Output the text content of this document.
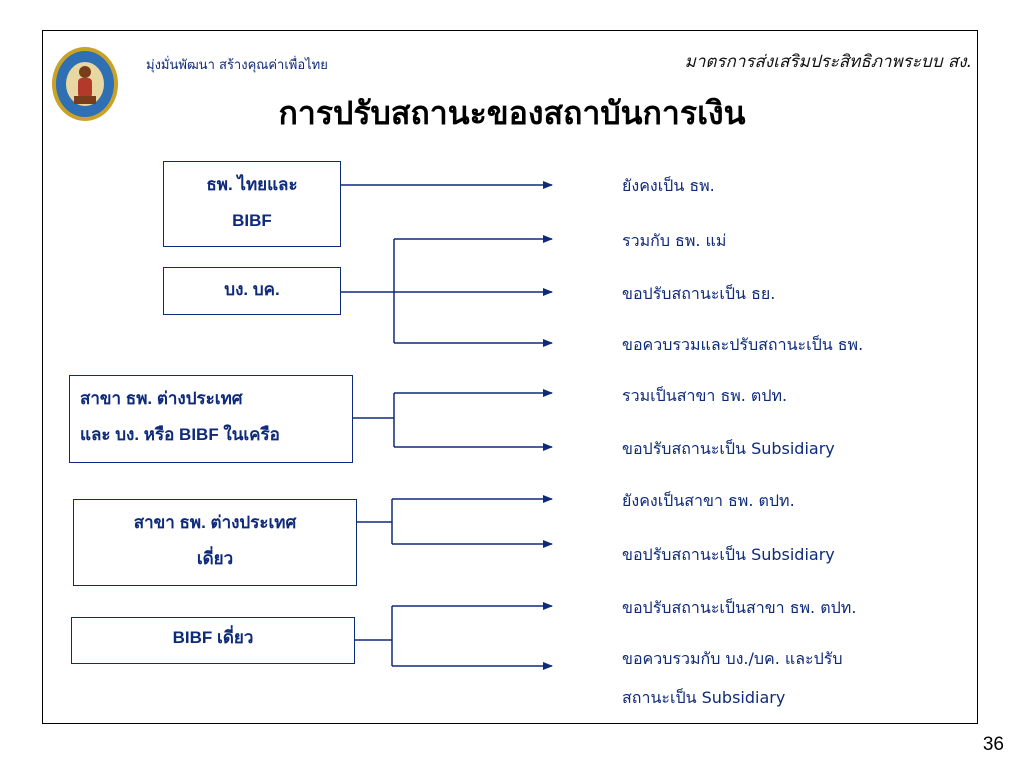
มุ่งมั่นพัฒนา สร้างคุณค่าเพื่อไทย	มาตรการส่งเสริมประสิทธิภาพระบบ สง.
การปรับสถานะของสถาบันการเงิน
ธพ. ไทยและ
BIBF
บง. บค.
สาขา ธพ. ต่างประเทศ
และ บง. หรือ BIBF ในเครือ
สาขา ธพ. ต่างประเทศ
เดี่ยว
BIBF เดี่ยว
ยังคงเป็น ธพ.
รวมกับ ธพ. แม่
ขอปรับสถานะเป็น ธย.
ขอควบรวมและปรับสถานะเป็น ธพ.
รวมเป็นสาขา ธพ. ตปท.
ขอปรับสถานะเป็น Subsidiary
ยังคงเป็นสาขา ธพ. ตปท.
ขอปรับสถานะเป็น Subsidiary
ขอปรับสถานะเป็นสาขา ธพ. ตปท.
ขอควบรวมกับ บง./บค. และปรับ
สถานะเป็น Subsidiary
36
